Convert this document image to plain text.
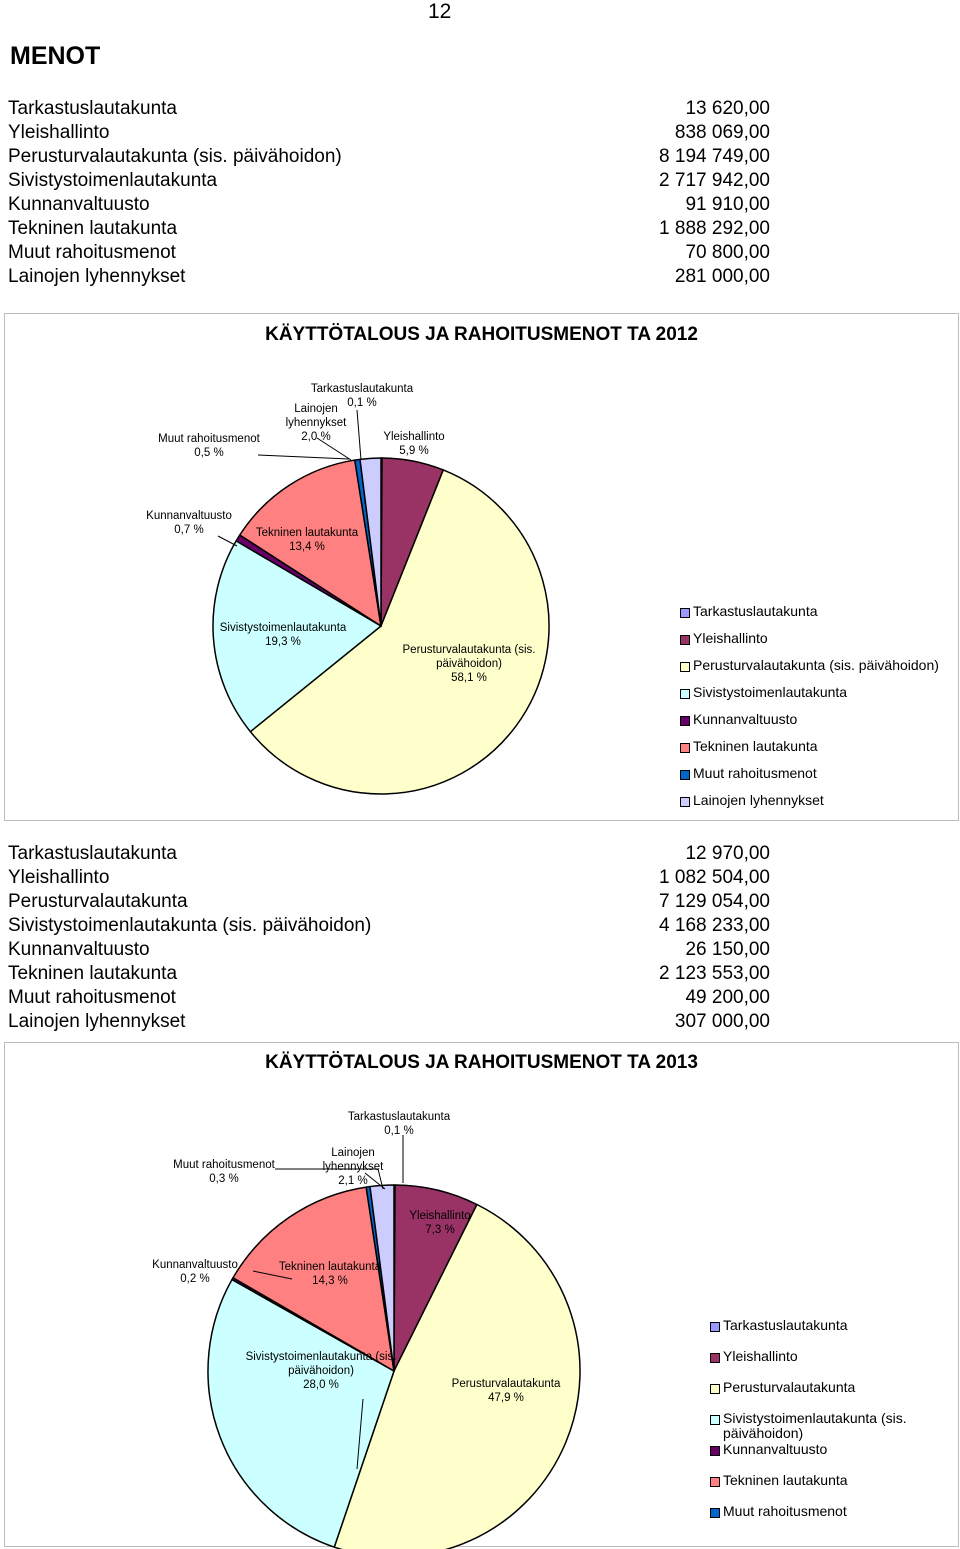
12
MENOT
Tarkastuslautakunta	13 620,00
Yleishallinto	838 069,00
Perusturvalautakunta (sis. päivähoidon)	8 194 749,00
Sivistystoimenlautakunta	2 717 942,00
Kunnanvaltuusto	91 910,00
Tekninen lautakunta	1 888 292,00
Muut rahoitusmenot	70 800,00
Lainojen lyhennykset	281 000,00
KÄYTTÖTALOUS JA RAHOITUSMENOT TA 2012
Tarkastuslautakunta 0,1 %
Yleishallinto 5,9 %
Perusturvalautakunta (sis. päivähoidon) 58,1 %
Sivistystoimenlautakunta 19,3 %
Kunnanvaltuusto 0,7 %	Tekninen lautakunta 13,4 %
Muut rahoitusmenot 0,5 %
Lainojen lyhennykset 2,0 %
Tarkastuslautakunta
Yleishallinto
Perusturvalautakunta (sis. päivähoidon)
Sivistystoimenlautakunta
Kunnanvaltuusto
Tekninen lautakunta
Muut rahoitusmenot
Lainojen lyhennykset
Tarkastuslautakunta	12 970,00
Yleishallinto	1 082 504,00
Perusturvalautakunta	7 129 054,00
Sivistystoimenlautakunta (sis. päivähoidon)	4 168 233,00
Kunnanvaltuusto	26 150,00
Tekninen lautakunta	2 123 553,00
Muut rahoitusmenot	49 200,00
Lainojen lyhennykset	307 000,00
KÄYTTÖTALOUS JA RAHOITUSMENOT TA 2013
Tarkastuslautakunta 0,1 %
Yleishallinto 7,3 %
Perusturvalautakunta 47,9 %
Sivistystoimenlautakunta (sis. päivähoidon) 28,0 %
Kunnanvaltuusto 0,2 %
Tekninen lautakunta 14,3 %
Muut rahoitusmenot 0,3 %
Lainojen lyhennykset 2,1 %
Tarkastuslautakunta
Yleishallinto
Perusturvalautakunta
Sivistystoimenlautakunta (sis. päivähoidon)
Kunnanvaltuusto
Tekninen lautakunta
Muut rahoitusmenot
